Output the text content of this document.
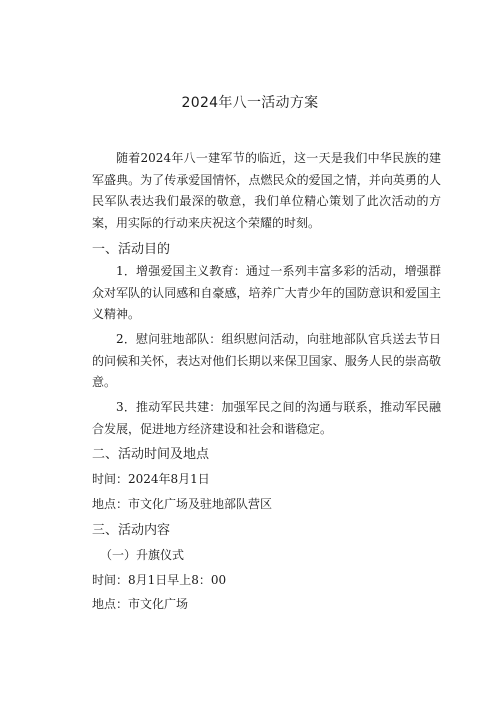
2024年八一活动方案

随着2024年八一建军节的临近，这一天是我们中华民族的建军盛典。为了传承爱国情怀，点燃民众的爱国之情，并向英勇的人民军队表达我们最深的敬意，我们单位精心策划了此次活动的方案，用实际的行动来庆祝这个荣耀的时刻。

一、活动目的

1．增强爱国主义教育：通过一系列丰富多彩的活动，增强群众对军队的认同感和自豪感，培养广大青少年的国防意识和爱国主义精神。

2．慰问驻地部队：组织慰问活动，向驻地部队官兵送去节日的问候和关怀，表达对他们长期以来保卫国家、服务人民的崇高敬意。

3．推动军民共建：加强军民之间的沟通与联系，推动军民融合发展，促进地方经济建设和社会和谐稳定。

二、活动时间及地点

时间：2024年8月1日

地点：市文化广场及驻地部队营区

三、活动内容

（一）升旗仪式

时间：8月1日早上8：00

地点：市文化广场
